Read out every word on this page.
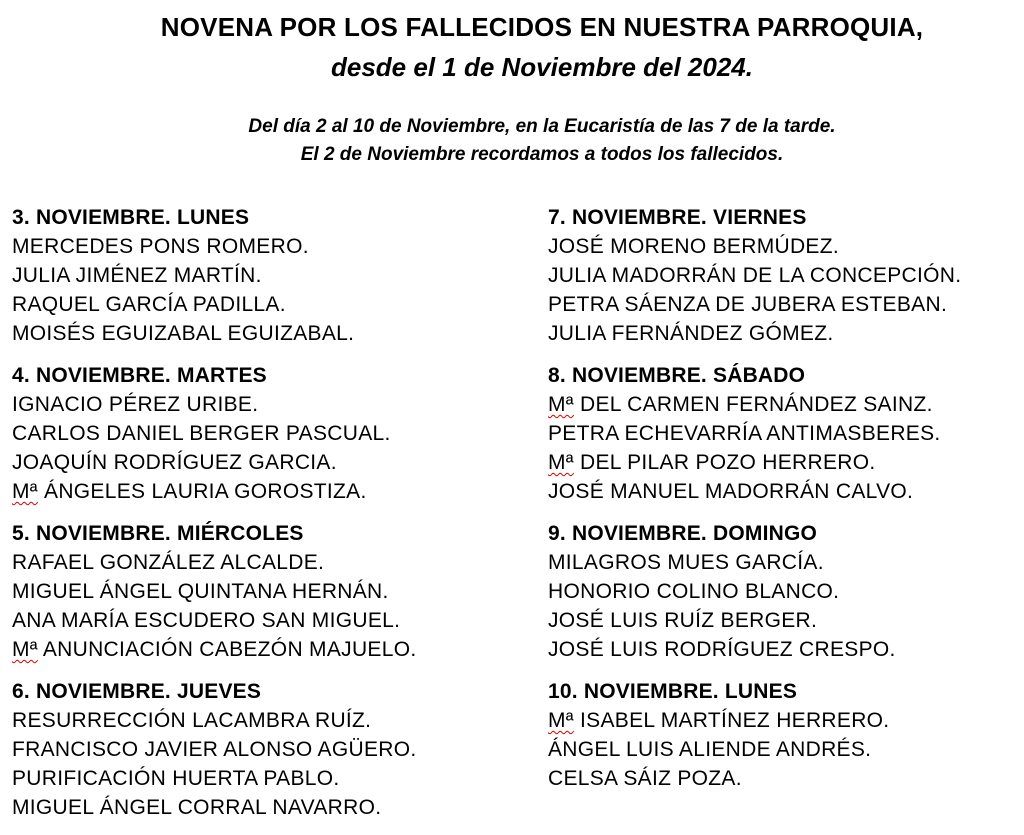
NOVENA POR LOS FALLECIDOS EN NUESTRA PARROQUIA,
desde el 1 de Noviembre del 2024.
Del día 2 al 10 de Noviembre, en la Eucaristía de las 7 de la tarde.
El 2 de Noviembre recordamos a todos los fallecidos.
3. NOVIEMBRE. LUNES
MERCEDES PONS ROMERO.
JULIA JIMÉNEZ MARTÍN.
RAQUEL GARCÍA PADILLA.
MOISÉS EGUIZABAL EGUIZABAL.
4. NOVIEMBRE. MARTES
IGNACIO PÉREZ URIBE.
CARLOS DANIEL BERGER PASCUAL.
JOAQUÍN RODRÍGUEZ GARCIA.
Mª ÁNGELES LAURIA GOROSTIZA.
5. NOVIEMBRE. MIÉRCOLES
RAFAEL GONZÁLEZ ALCALDE.
MIGUEL ÁNGEL QUINTANA HERNÁN.
ANA MARÍA ESCUDERO SAN MIGUEL.
Mª ANUNCIACIÓN CABEZÓN MAJUELO.
6. NOVIEMBRE. JUEVES
RESURRECCIÓN LACAMBRA RUÍZ.
FRANCISCO JAVIER ALONSO AGÜERO.
PURIFICACIÓN HUERTA PABLO.
MIGUEL ÁNGEL CORRAL NAVARRO.
7. NOVIEMBRE. VIERNES
JOSÉ MORENO BERMÚDEZ.
JULIA MADORRÁN DE LA CONCEPCIÓN.
PETRA SÁENZA DE JUBERA ESTEBAN.
JULIA FERNÁNDEZ GÓMEZ.
8. NOVIEMBRE. SÁBADO
Mª DEL CARMEN FERNÁNDEZ SAINZ.
PETRA ECHEVARRÍA ANTIMASBERES.
Mª DEL PILAR POZO HERRERO.
JOSÉ MANUEL MADORRÁN CALVO.
9. NOVIEMBRE. DOMINGO
MILAGROS MUES GARCÍA.
HONORIO COLINO BLANCO.
JOSÉ LUIS RUÍZ BERGER.
JOSÉ LUIS RODRÍGUEZ CRESPO.
10. NOVIEMBRE. LUNES
Mª ISABEL MARTÍNEZ HERRERO.
ÁNGEL LUIS ALIENDE ANDRÉS.
CELSA SÁIZ POZA.
